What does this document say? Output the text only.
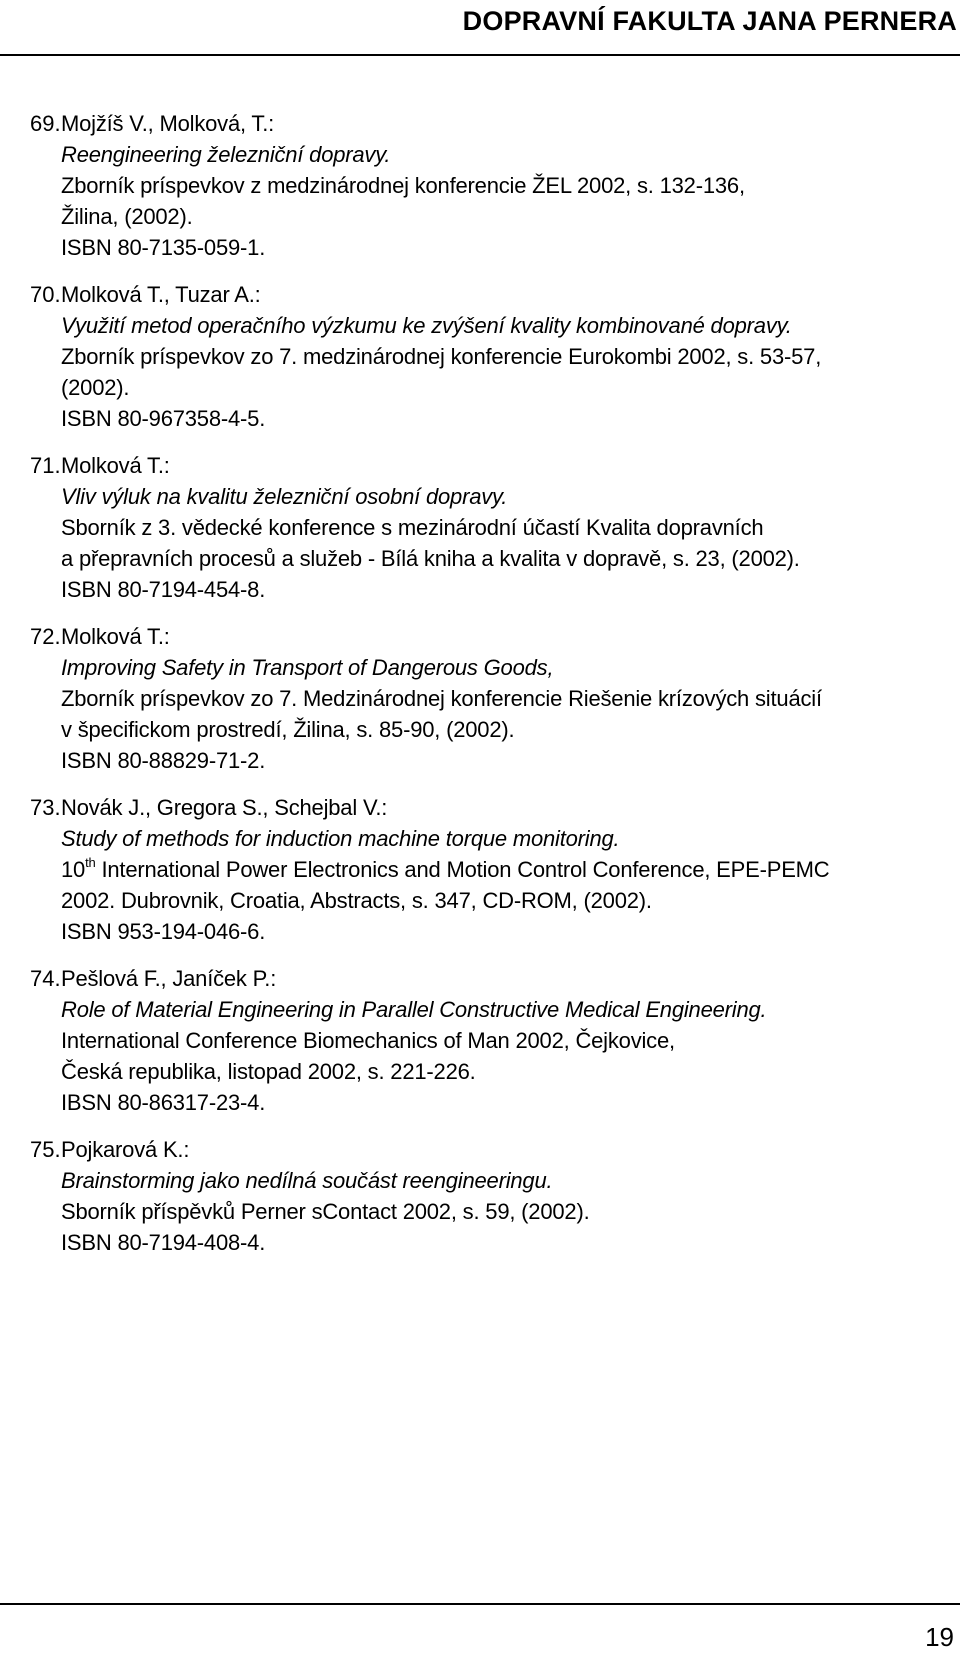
DOPRAVNÍ FAKULTA JANA PERNERA
69. Mojžíš V., Molková, T.:
Reengineering železniční dopravy.
Zborník príspevkov z medzinárodnej konferencie ŽEL 2002, s. 132-136,
Žilina, (2002).
ISBN 80-7135-059-1.
70. Molková T., Tuzar A.:
Využití metod operačního výzkumu ke zvýšení kvality kombinované dopravy.
Zborník príspevkov zo 7. medzinárodnej konferencie Eurokombi 2002, s. 53-57,
(2002).
ISBN 80-967358-4-5.
71. Molková T.:
Vliv výluk na kvalitu železniční osobní dopravy.
Sborník z 3. vědecké konference s mezinárodní účastí Kvalita dopravních
a přepravních procesů a služeb - Bílá kniha a kvalita v dopravě, s. 23, (2002).
ISBN 80-7194-454-8.
72. Molková T.:
Improving Safety in Transport of Dangerous Goods,
Zborník príspevkov zo 7. Medzinárodnej konferencie Riešenie krízových situácií
v špecifickom prostredí, Žilina, s. 85-90, (2002).
ISBN 80-88829-71-2.
73. Novák J., Gregora S., Schejbal V.:
Study of methods for induction machine torque monitoring.
10th International Power Electronics and Motion Control Conference, EPE-PEMC
2002. Dubrovnik, Croatia, Abstracts, s. 347, CD-ROM, (2002).
ISBN 953-194-046-6.
74. Pešlová F., Janíček P.:
Role of Material Engineering in Parallel Constructive Medical Engineering.
International Conference Biomechanics of Man 2002, Čejkovice,
Česká republika, listopad 2002, s. 221-226.
IBSN 80-86317-23-4.
75. Pojkarová K.:
Brainstorming jako nedílná součást reengineeringu.
Sborník příspěvků Perner sContact 2002, s. 59, (2002).
ISBN 80-7194-408-4.
19
